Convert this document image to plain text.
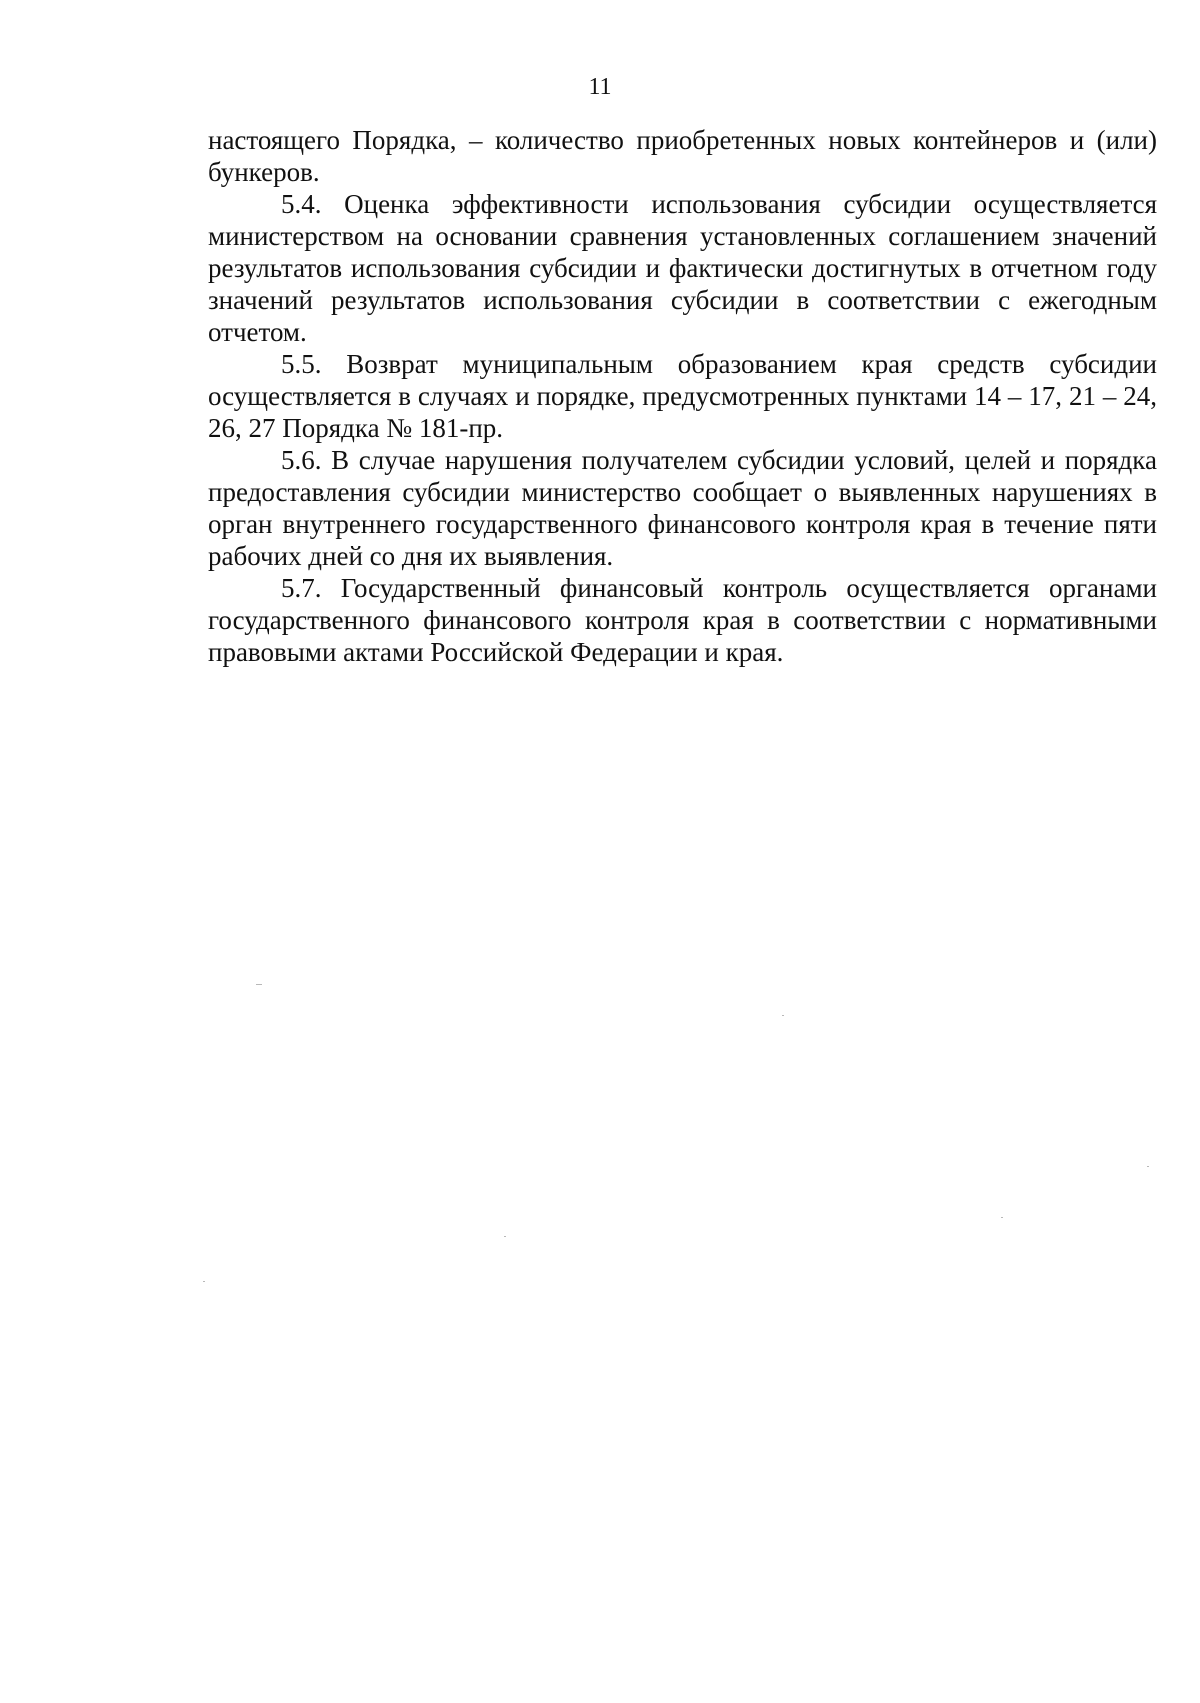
11

настоящего Порядка, – количество приобретенных новых контейнеров и (или) бункеров.

5.4. Оценка эффективности использования субсидии осуществляется министерством на основании сравнения установленных соглашением значений результатов использования субсидии и фактически достигнутых в отчетном году значений результатов использования субсидии в соответствии с ежегодным отчетом.

5.5. Возврат муниципальным образованием края средств субсидии осуществляется в случаях и порядке, предусмотренных пунктами 14 – 17, 21 – 24, 26, 27 Порядка № 181-пр.

5.6. В случае нарушения получателем субсидии условий, целей и порядка предоставления субсидии министерство сообщает о выявленных нарушениях в орган внутреннего государственного финансового контроля края в течение пяти рабочих дней со дня их выявления.

5.7. Государственный финансовый контроль осуществляется органами государственного финансового контроля края в соответствии с нормативными правовыми актами Российской Федерации и края.
